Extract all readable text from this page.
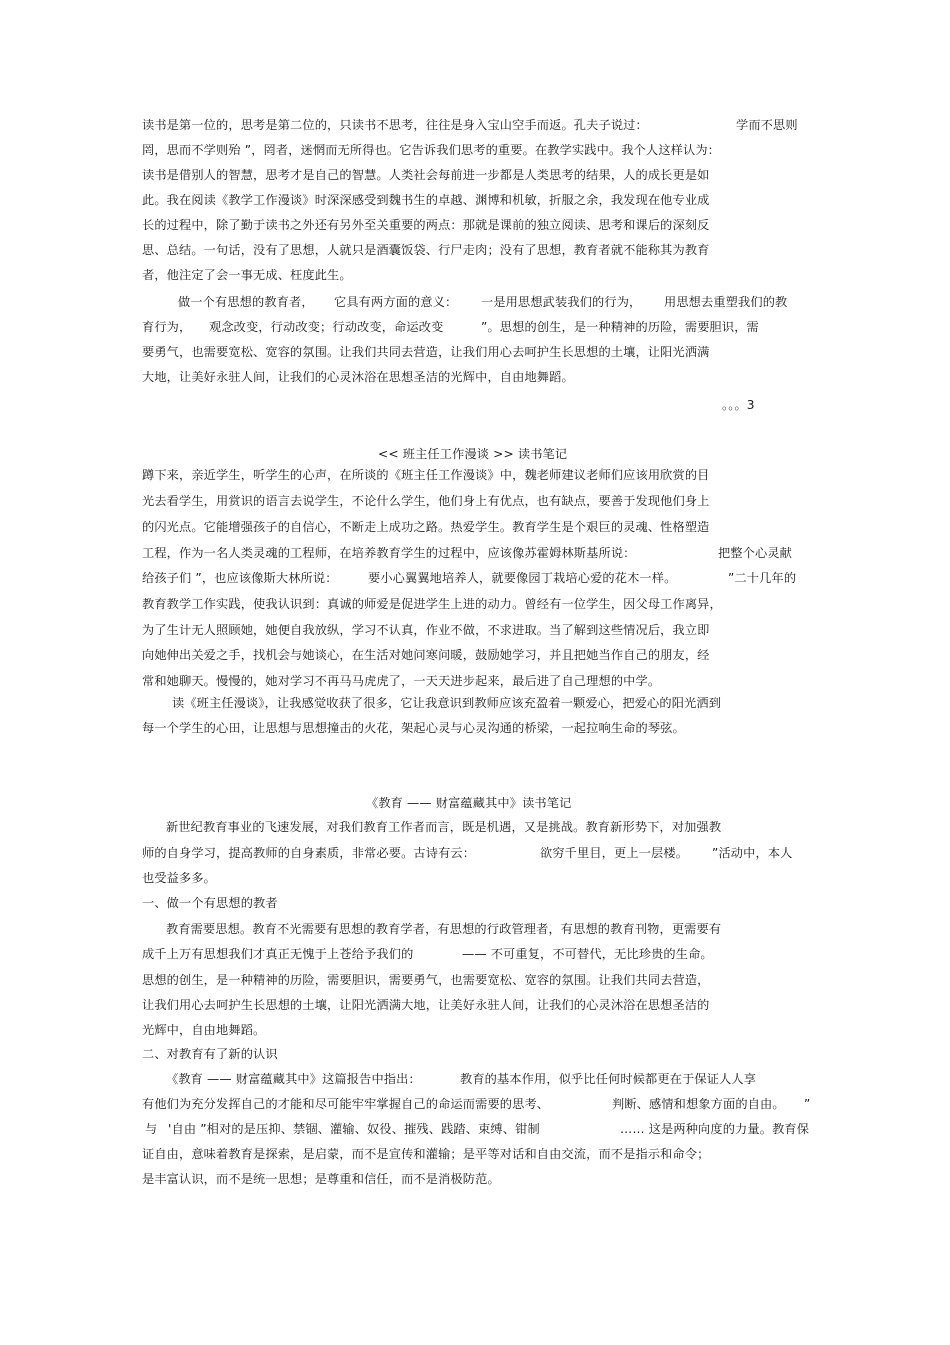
读书是第一位的，思考是第二位的，只读书不思考，往往是身入宝山空手而返。孔夫子说过：	学而不思则
罔，思而不学则殆 ”，罔者，迷惘而无所得也。它告诉我们思考的重要。在教学实践中。我个人这样认为：
读书是借别人的智慧，思考才是自己的智慧。人类社会每前进一步都是人类思考的结果，人的成长更是如
此。我在阅读《教学工作漫谈》时深深感受到魏书生的卓越、渊博和机敏，折服之余，我发现在他专业成
长的过程中，除了勤于读书之外还有另外至关重要的两点：那就是课前的独立阅读、思考和课后的深刻反
思、总结。一句话，没有了思想，人就只是酒囊饭袋、行尸走肉；没有了思想，教育者就不能称其为教育
者，他注定了会一事无成、枉度此生。
做一个有思想的教育者， 它具有两方面的意义： 一是用思想武装我们的行为， 用思想去重塑我们的教
育行为， 观念改变，行动改变；行动改变，命运改变	”。思想的创生，是一种精神的历险，需要胆识，需
要勇气，也需要宽松、宽容的氛围。让我们共同去营造，让我们用心去呵护生长思想的土壤，让阳光洒满
大地，让美好永驻人间，让我们的心灵沐浴在思想圣洁的光辉中，自由地舞蹈。
。。。3
<< 班主任工作漫谈 >> 读书笔记
蹲下来，亲近学生，听学生的心声，在所谈的《班主任工作漫谈》中，魏老师建议老师们应该用欣赏的目
光去看学生，用赏识的语言去说学生，不论什么学生，他们身上有优点，也有缺点，要善于发现他们身上
的闪光点。它能增强孩子的自信心，不断走上成功之路。热爱学生。教育学生是个艰巨的灵魂、性格塑造
工程，作为一名人类灵魂的工程师，在培养教育学生的过程中，应该像苏霍姆林斯基所说：	把整个心灵献
给孩子们 ”，也应该像斯大林所说： 要小心翼翼地培养人，就要像园丁栽培心爱的花木一样。	”二十几年的
教育教学工作实践，使我认识到：真诚的师爱是促进学生上进的动力。曾经有一位学生，因父母工作离异，
为了生计无人照顾她，她便自我放纵，学习不认真，作业不做，不求进取。当了解到这些情况后，我立即
向她伸出关爱之手，找机会与她谈心，在生活对她问寒问暖，鼓励她学习，并且把她当作自己的朋友，经
常和她聊天。慢慢的，她对学习不再马马虎虎了，一天天进步起来，最后进了自己理想的中学。
读《班主任漫谈》，让我感觉收获了很多，它让我意识到教师应该充盈着一颗爱心，把爱心的阳光洒到
每一个学生的心田，让思想与思想撞击的火花，架起心灵与心灵沟通的桥梁，一起拉响生命的琴弦。
《教育 —— 财富蕴藏其中》读书笔记
新世纪教育事业的飞速发展，对我们教育工作者而言，既是机遇，又是挑战。教育新形势下，对加强教
师的自身学习，提高教师的自身素质，非常必要。古诗有云：	欲穷千里目，更上一层楼。 ”活动中，本人
也受益多多。
一、做一个有思想的教者
教育需要思想。教育不光需要有思想的教育学者，有思想的行政管理者，有思想的教育刊物，更需要有
成千上万有思想我们才真正无愧于上苍给予我们的	—— 不可重复，不可替代，无比珍贵的生命。
思想的创生，是一种精神的历险，需要胆识，需要勇气，也需要宽松、宽容的氛围。让我们共同去营造，
让我们用心去呵护生长思想的土壤，让阳光洒满大地，让美好永驻人间，让我们的心灵沐浴在思想圣洁的
光辉中，自由地舞蹈。
二、对教育有了新的认识
《教育 —— 财富蕴藏其中》这篇报告中指出：	教育的基本作用，似乎比任何时候都更在于保证人人享
有他们为充分发挥自己的才能和尽可能牢牢掌握自己的命运而需要的思考、	判断、感情和想象方面的自由。 ”
与 '自由 ”相对的是压抑、禁锢、灌输、奴役、摧残、践踏、束缚、钳制	…… 这是两种向度的力量。教育保
证自由，意味着教育是探索，是启蒙，而不是宣传和灌输；是平等对话和自由交流，而不是指示和命令；
是丰富认识，而不是统一思想；是尊重和信任，而不是消极防范。
